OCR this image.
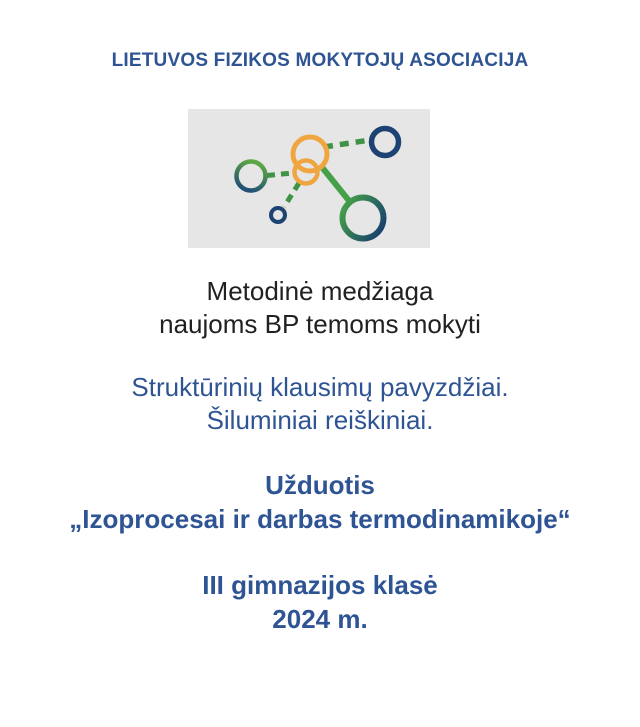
LIETUVOS FIZIKOS MOKYTOJŲ ASOCIACIJA
Metodinė medžiaga
naujoms BP temoms mokyti
Struktūrinių klausimų pavyzdžiai.
Šiluminiai reiškiniai.
Užduotis
„Izoprocesai ir darbas termodinamikoje“
III gimnazijos klasė
2024 m.
